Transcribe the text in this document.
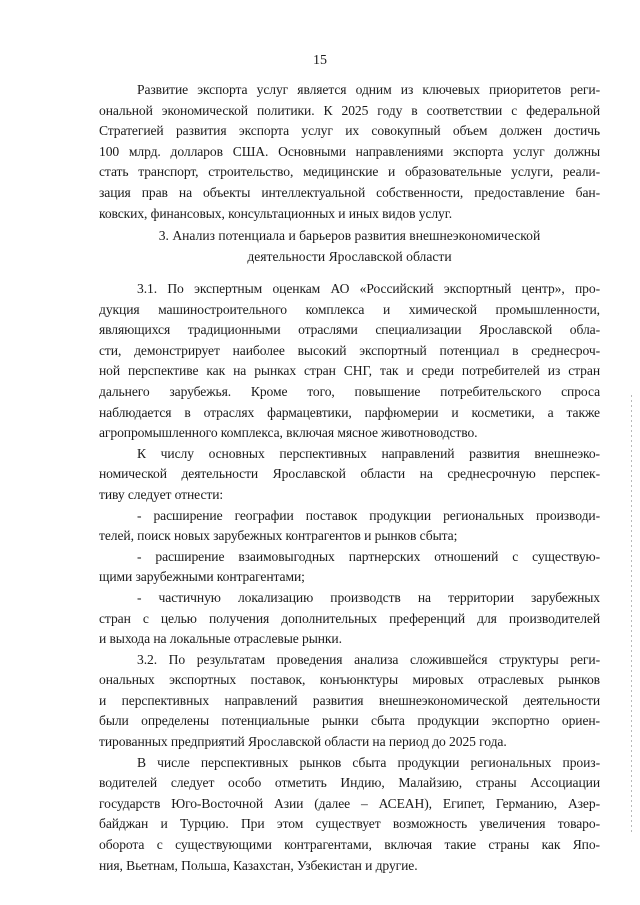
15
Развитие экспорта услуг является одним из ключевых приоритетов реги-
ональной экономической политики. К 2025 году в соответствии с федеральной
Стратегией развития экспорта услуг их совокупный объем должен достичь
100 млрд. долларов США. Основными направлениями экспорта услуг должны
стать транспорт, строительство, медицинские и образовательные услуги, реали-
зация прав на объекты интеллектуальной собственности, предоставление бан-
ковских, финансовых, консультационных и иных видов услуг.
3. Анализ потенциала и барьеров развития внешнеэкономической
деятельности Ярославской области
3.1. По экспертным оценкам АО «Российский экспортный центр», про-
дукция машиностроительного комплекса и химической промышленности,
являющихся традиционными отраслями специализации Ярославской обла-
сти, демонстрирует наиболее высокий экспортный потенциал в среднесроч-
ной перспективе как на рынках стран СНГ, так и среди потребителей из стран
дальнего зарубежья. Кроме того, повышение потребительского спроса
наблюдается в отраслях фармацевтики, парфюмерии и косметики, а также
агропромышленного комплекса, включая мясное животноводство.
К числу основных перспективных направлений развития внешнеэко-
номической деятельности Ярославской области на среднесрочную перспек-
тиву следует отнести:
- расширение географии поставок продукции региональных производи-
телей, поиск новых зарубежных контрагентов и рынков сбыта;
- расширение взаимовыгодных партнерских отношений с существую-
щими зарубежными контрагентами;
- частичную локализацию производств на территории зарубежных
стран с целью получения дополнительных преференций для производителей
и выхода на локальные отраслевые рынки.
3.2. По результатам проведения анализа сложившейся структуры реги-
ональных экспортных поставок, конъюнктуры мировых отраслевых рынков
и перспективных направлений развития внешнеэкономической деятельности
были определены потенциальные рынки сбыта продукции экспортно ориен-
тированных предприятий Ярославской области на период до 2025 года.
В числе перспективных рынков сбыта продукции региональных произ-
водителей следует особо отметить Индию, Малайзию, страны Ассоциации
государств Юго-Восточной Азии (далее – АСЕАН), Египет, Германию, Азер-
байджан и Турцию. При этом существует возможность увеличения товаро-
оборота с существующими контрагентами, включая такие страны как Япо-
ния, Вьетнам, Польша, Казахстан, Узбекистан и другие.
